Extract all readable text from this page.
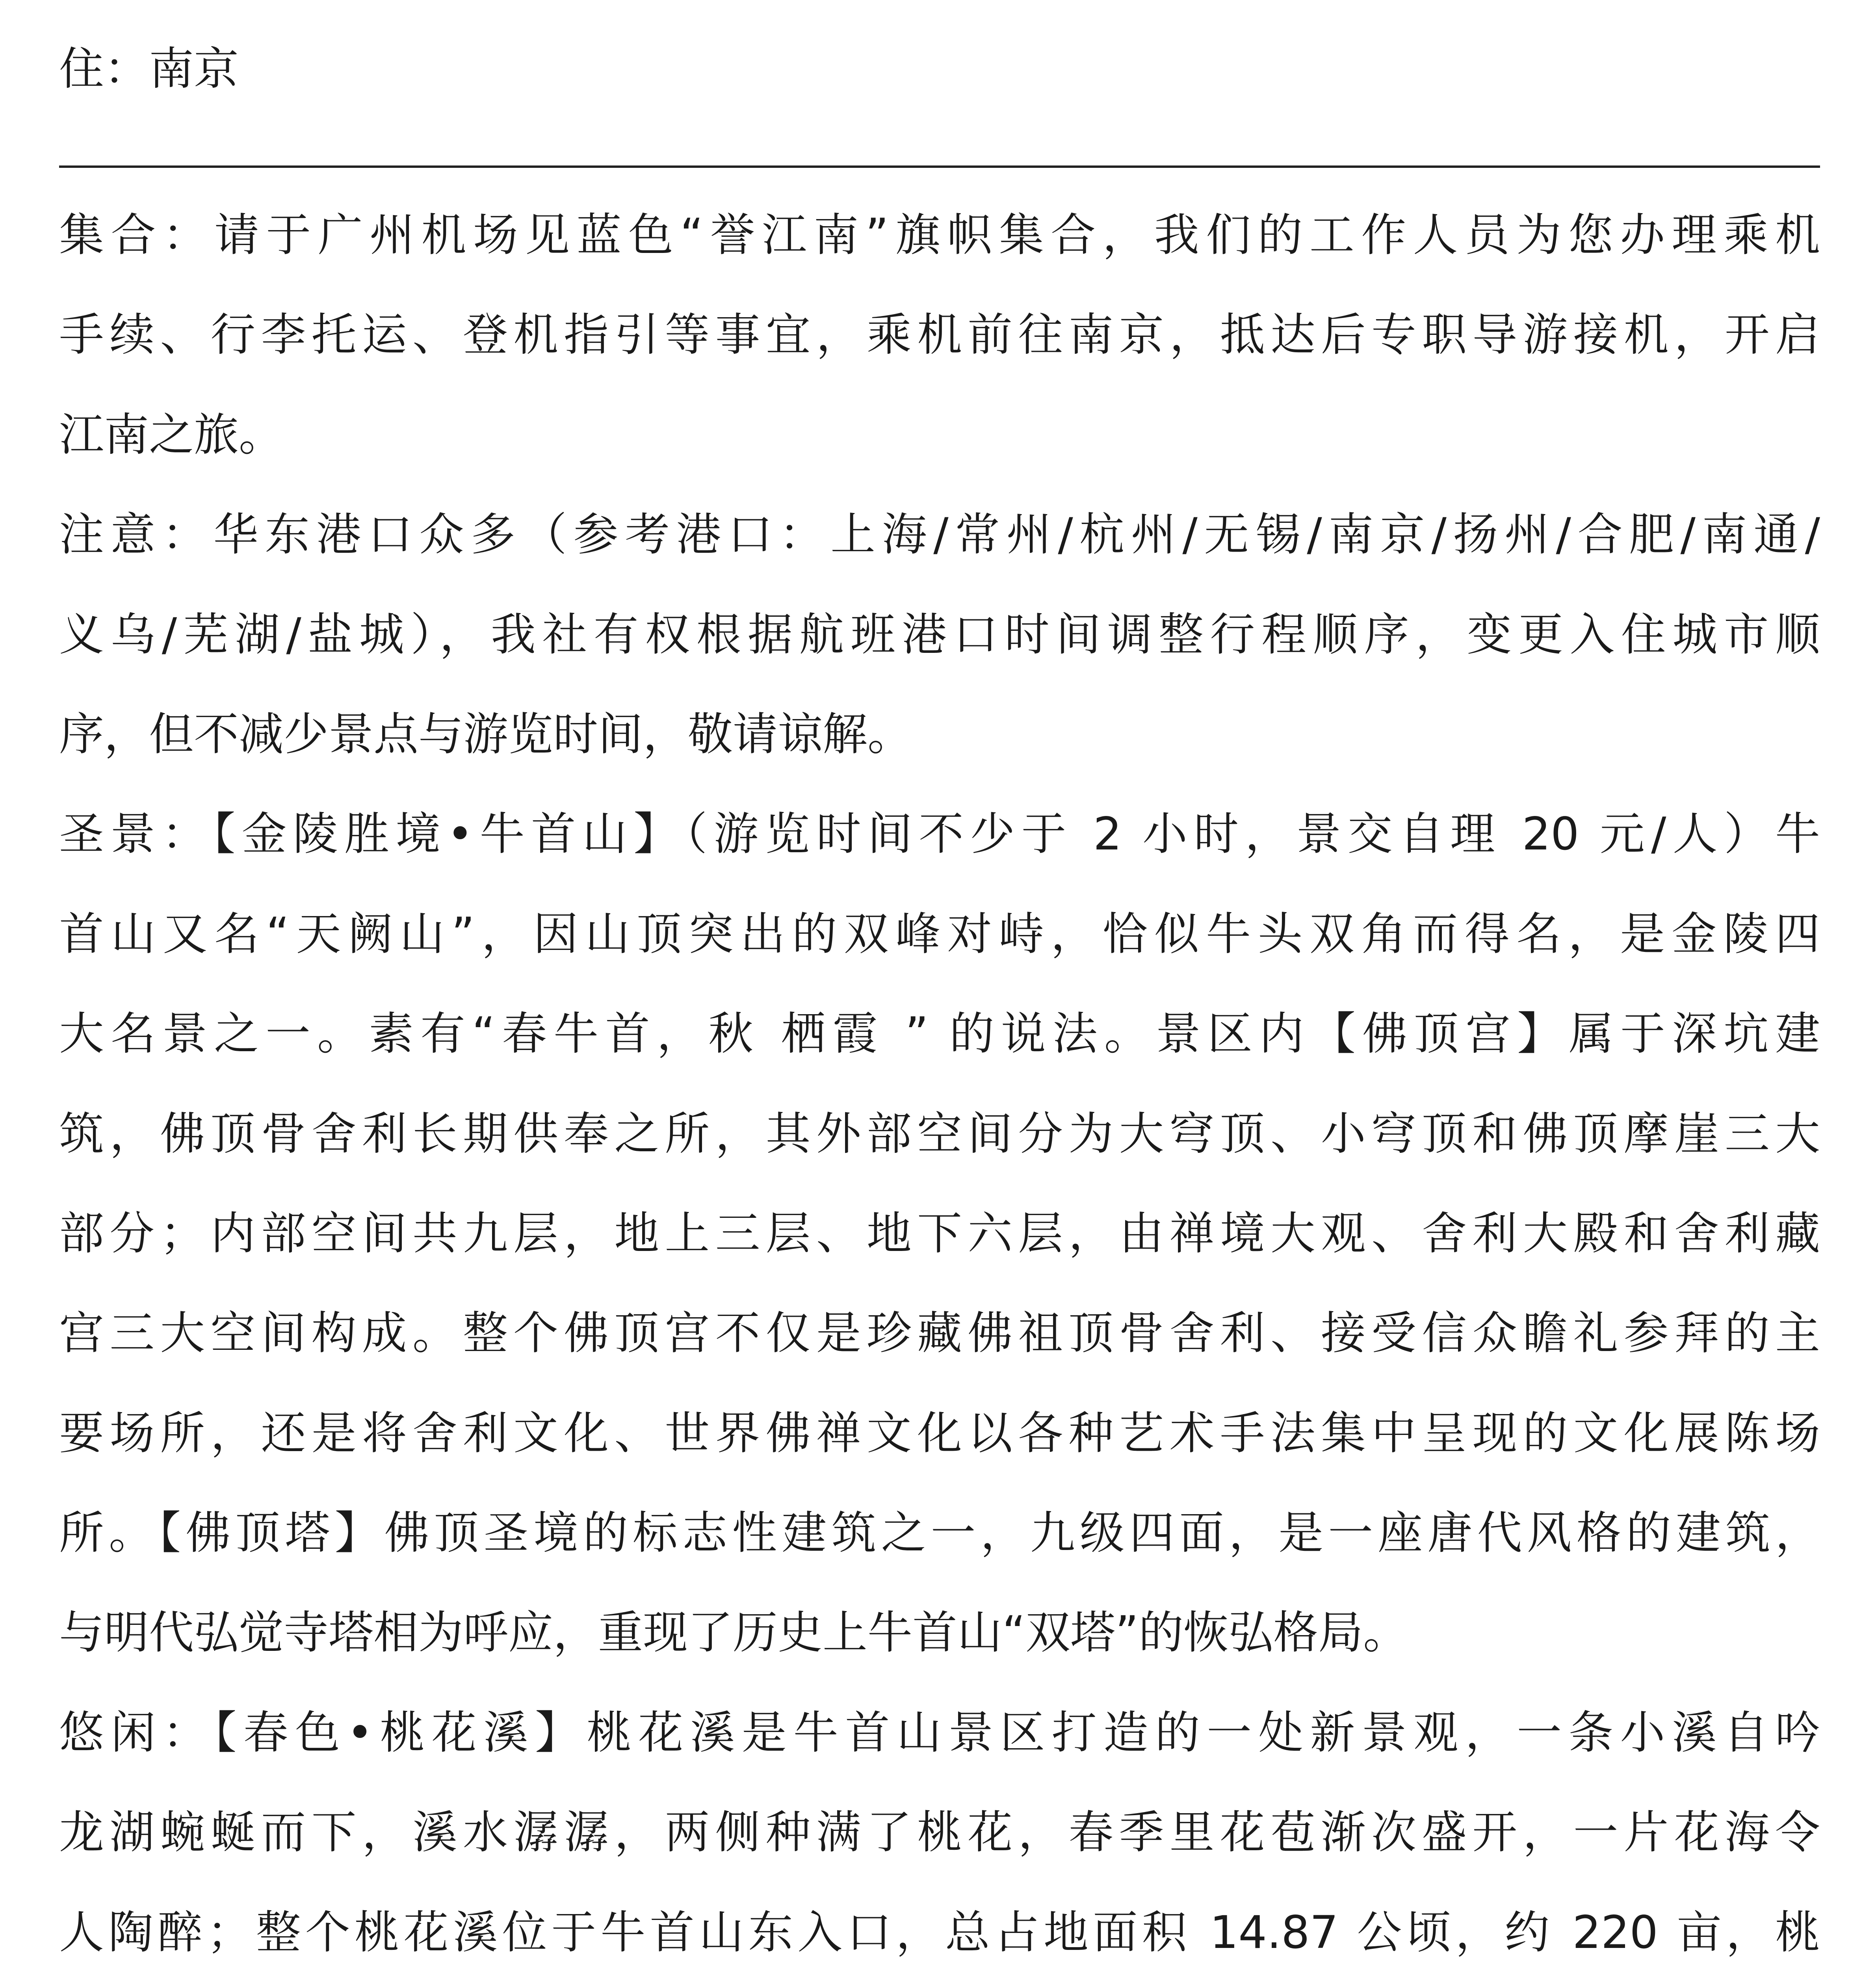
住：南京
集合：请于广州机场见蓝色“誉江南”旗帜集合，我们的工作人员为您办理乘机
手续、行李托运、登机指引等事宜，乘机前往南京，抵达后专职导游接机，开启
江南之旅。
注意：华东港口众多（参考港口：上海/常州/杭州/无锡/南京/扬州/合肥/南通/
义乌/芜湖/盐城），我社有权根据航班港口时间调整行程顺序，变更入住城市顺
序，但不减少景点与游览时间，敬请谅解。
圣景：【金陵胜境•牛首山】（游览时间不少于 2 小时，景交自理 20 元/人）牛
首山又名“天阙山”，因山顶突出的双峰对峙，恰似牛头双角而得名，是金陵四
大名景之一。素有“春牛首，秋 栖霞 ” 的说法。景区内【佛顶宫】属于深坑建
筑，佛顶骨舍利长期供奉之所，其外部空间分为大穹顶、小穹顶和佛顶摩崖三大
部分；内部空间共九层，地上三层、地下六层，由禅境大观、舍利大殿和舍利藏
宫三大空间构成。整个佛顶宫不仅是珍藏佛祖顶骨舍利、接受信众瞻礼参拜的主
要场所，还是将舍利文化、世界佛禅文化以各种艺术手法集中呈现的文化展陈场
所。【佛顶塔】佛顶圣境的标志性建筑之一，九级四面，是一座唐代风格的建筑，
与明代弘觉寺塔相为呼应，重现了历史上牛首山“双塔”的恢弘格局。
悠闲：【春色•桃花溪】桃花溪是牛首山景区打造的一处新景观，一条小溪自吟
龙湖蜿蜒而下，溪水潺潺，两侧种满了桃花，春季里花苞渐次盛开，一片花海令
人陶醉；整个桃花溪位于牛首山东入口，总占地面积 14.87 公顷，约 220 亩，桃
